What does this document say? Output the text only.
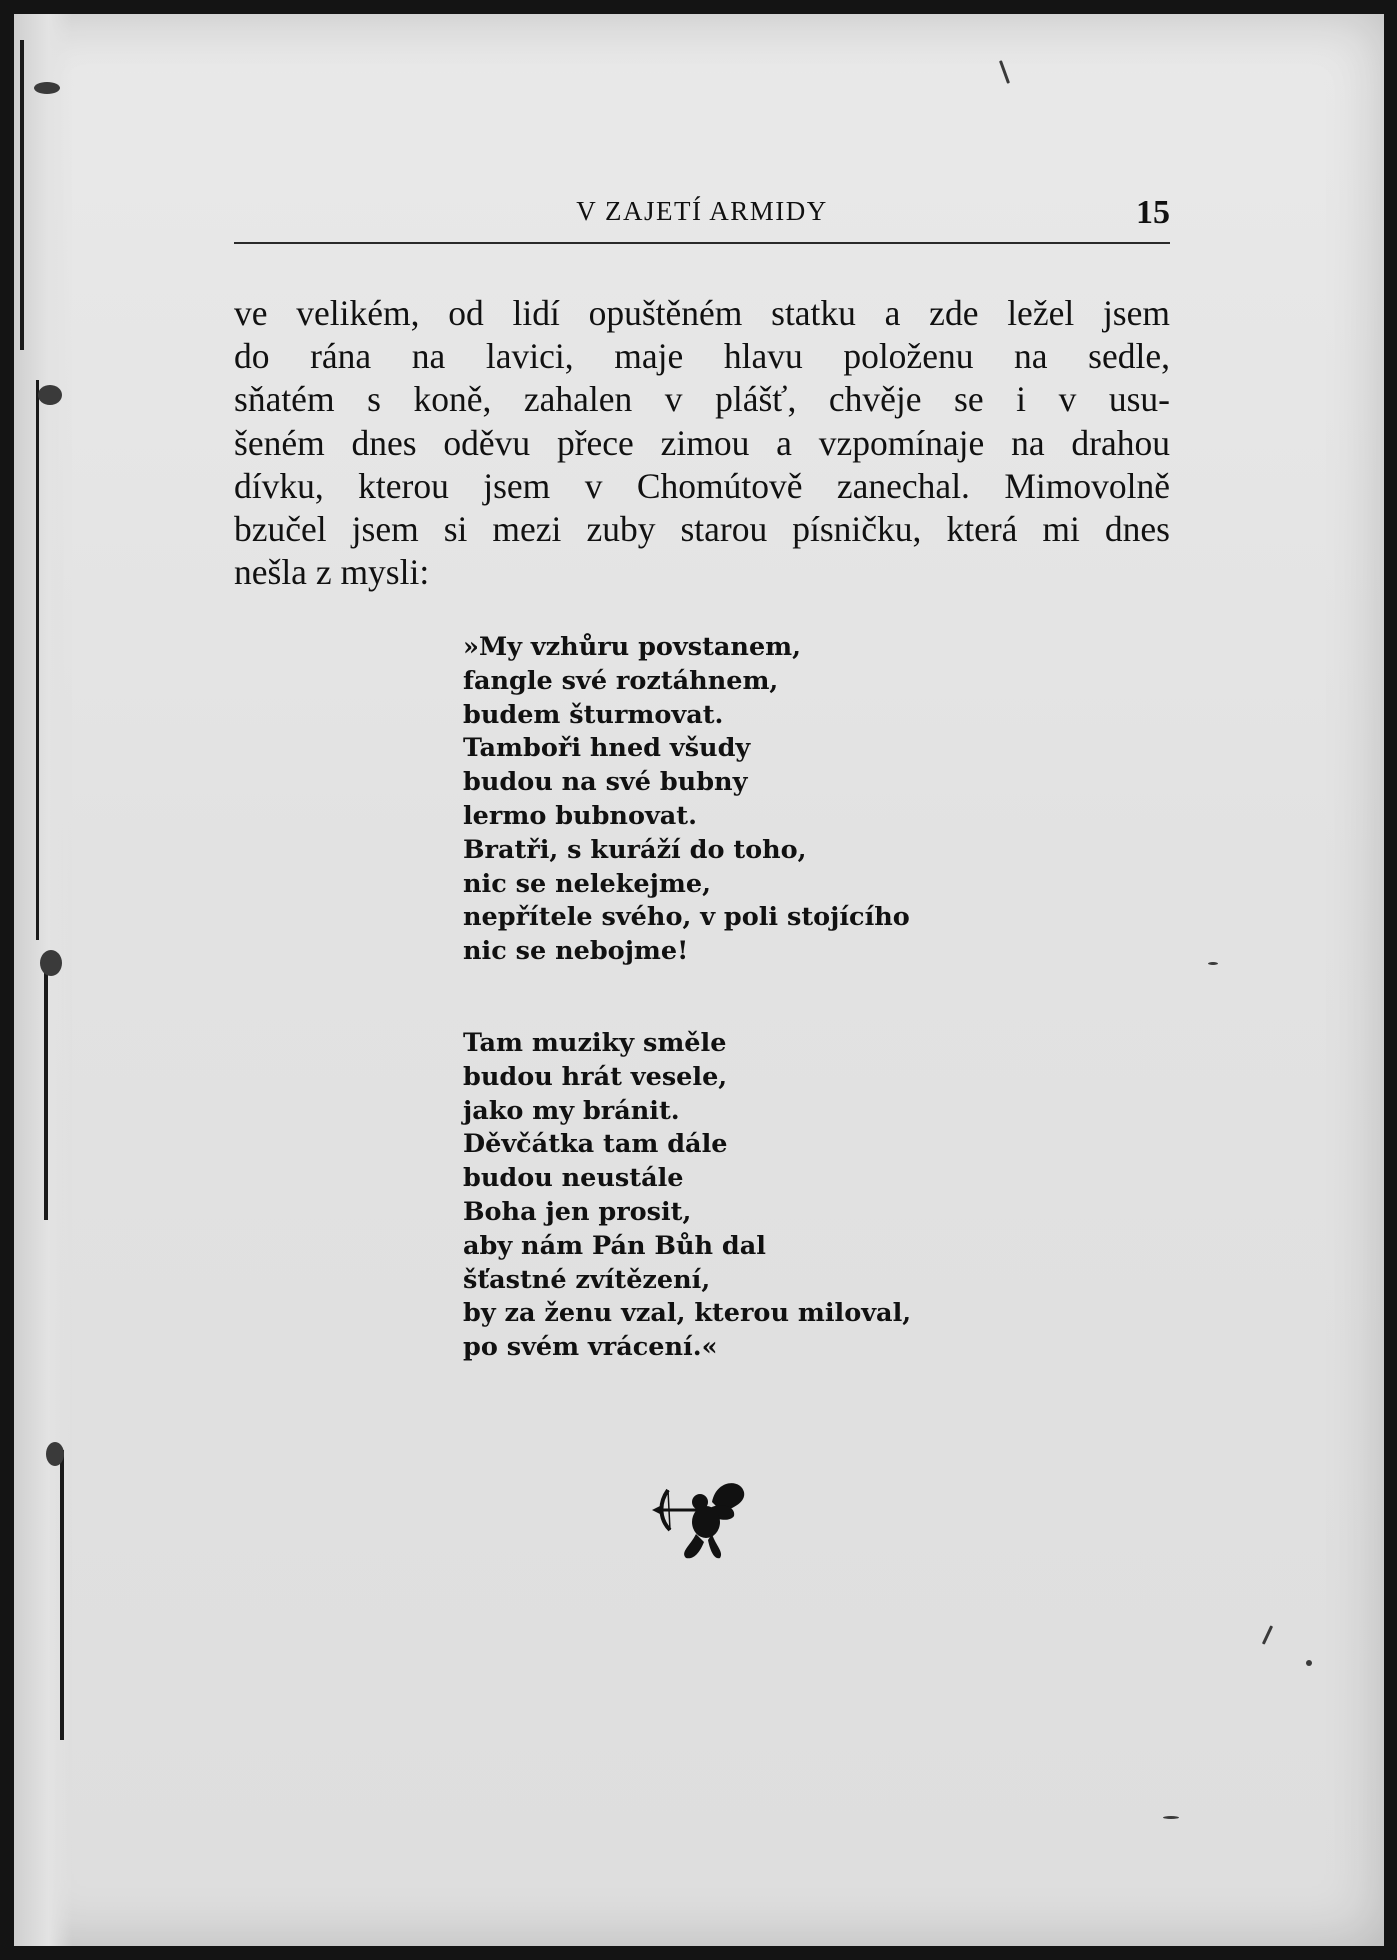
V ZAJETÍ ARMIDY	15
ve velikém, od lidí opuštěném statku a zde ležel jsem
do rána na lavici, maje hlavu položenu na sedle,
sňatém s koně, zahalen v plášť, chvěje se i v usu-
šeném dnes oděvu přece zimou a vzpomínaje na drahou
dívku, kterou jsem v Chomútově zanechal. Mimovolně
bzučel jsem si mezi zuby starou písničku, která mi dnes
nešla z mysli:
»My vzhůru povstanem,
fangle své roztáhnem,
budem šturmovat.
Tamboři hned všudy
budou na své bubny
lermo bubnovat.
Bratři, s kuráží do toho,
nic se nelekejme,
nepřítele svého, v poli stojícího
nic se nebojme!
Tam muziky směle
budou hrát vesele,
jako my bránit.
Děvčátka tam dále
budou neustále
Boha jen prosit,
aby nám Pán Bůh dal
šťastné zvítězení,
by za ženu vzal, kterou miloval,
po svém vrácení.«
